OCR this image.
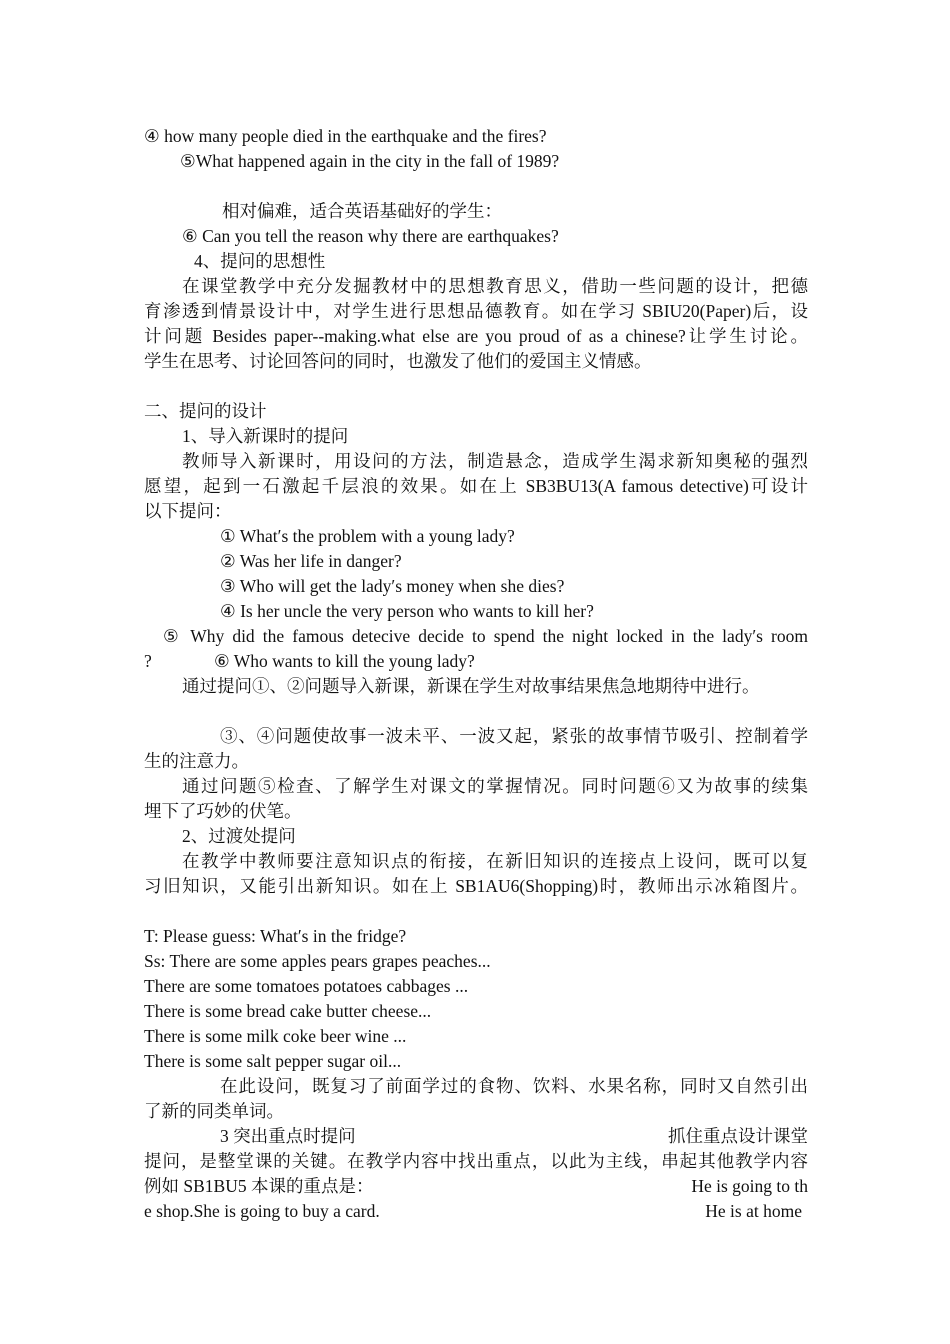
④ how many people died in the earthquake and the fires?
⑤What happened again in the city in the fall of 1989?
相对偏难，适合英语基础好的学生：
⑥ Can you tell the reason why there are earthquakes?
4、提问的思想性
在课堂教学中充分发掘教材中的思想教育思义，借助一些问题的设计，把德
育渗透到情景设计中，对学生进行思想品德教育。如在学习 SBIU20(Paper)后，设
计问题 Besides paper--making.what else are you proud of as a chinese?让学生讨论。
学生在思考、讨论回答问的同时，也激发了他们的爱国主义情感。
二、提问的设计
1、导入新课时的提问
教师导入新课时，用设问的方法，制造悬念，造成学生渴求新知奥秘的强烈
愿望，起到一石激起千层浪的效果。如在上 SB3BU13(A famous detective)可设计
以下提问：
① What′s the problem with a young lady?
② Was her life in danger?
③ Who will get the lady′s money when she dies?
④ Is her uncle the very person who wants to kill her?
⑤ Why did the famous detecive decide to spend the night locked in the lady′s room
?	⑥ Who wants to kill the young lady?
通过提问①、②问题导入新课，新课在学生对故事结果焦急地期待中进行。
③、④问题使故事一波未平、一波又起，紧张的故事情节吸引、控制着学
生的注意力。
通过问题⑤检查、了解学生对课文的掌握情况。同时问题⑥又为故事的续集
埋下了巧妙的伏笔。
2、过渡处提问
在教学中教师要注意知识点的衔接，在新旧知识的连接点上设问，既可以复
习旧知识，又能引出新知识。如在上 SB1AU6(Shopping)时，教师出示冰箱图片。
T: Please guess: What′s in the fridge?
Ss: There are some apples pears grapes peaches...
There are some tomatoes potatoes cabbages ...
There is some bread cake butter cheese...
There is some milk coke beer wine ...
There is some salt pepper sugar oil...
在此设问，既复习了前面学过的食物、饮料、水果名称，同时又自然引出
了新的同类单词。
3 突出重点时提问	抓住重点设计课堂
提问，是整堂课的关键。在教学内容中找出重点，以此为主线，串起其他教学内容
例如 SB1BU5 本课的重点是：	He is going to th
e shop.She is going to buy a card.	He is at home
